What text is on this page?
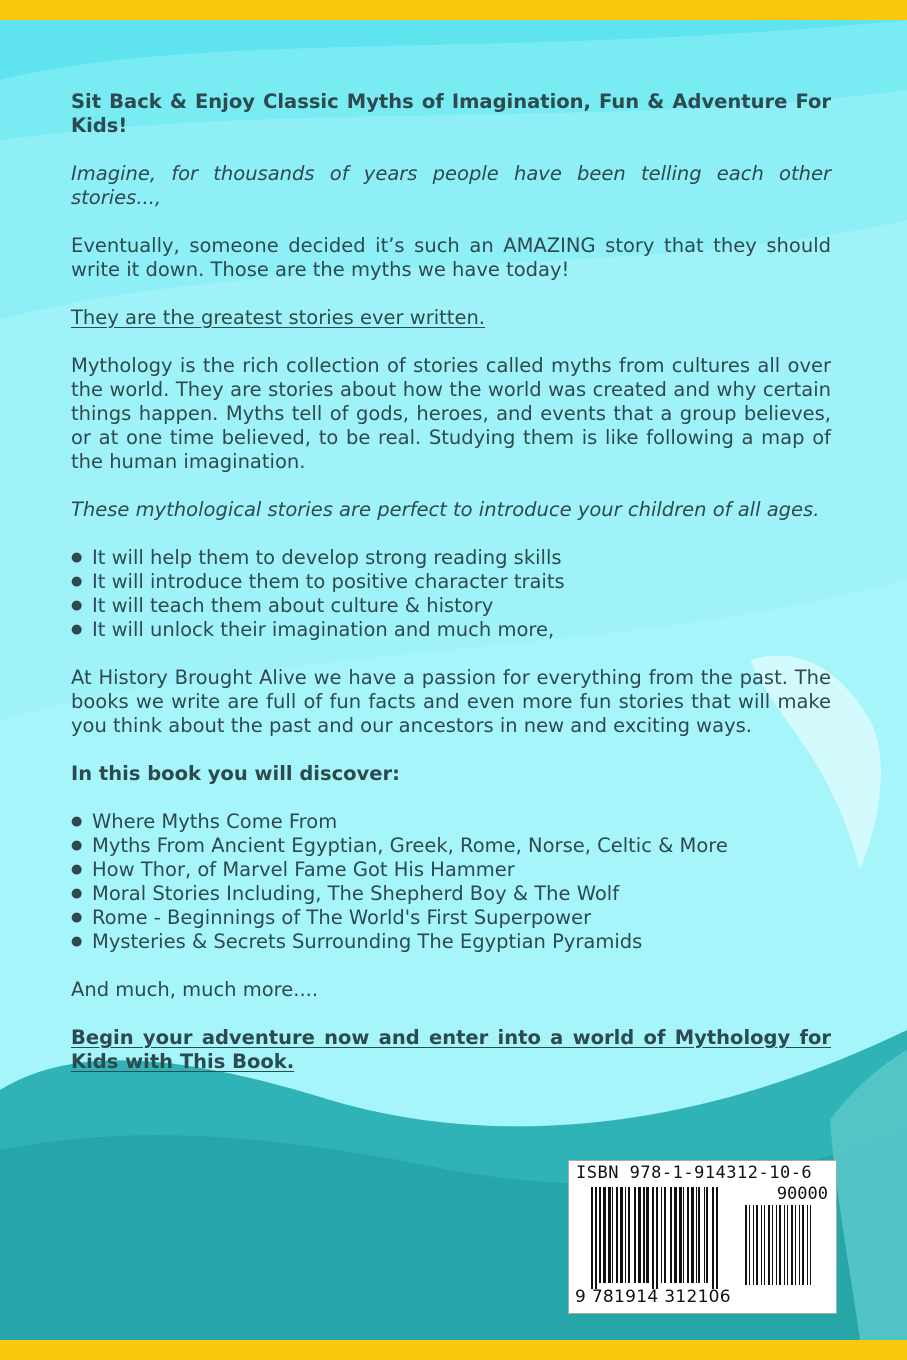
Sit Back & Enjoy Classic Myths of Imagination, Fun & Adventure For Kids!

Imagine, for thousands of years people have been telling each other stories...,

Eventually, someone decided it’s such an AMAZING story that they should write it down. Those are the myths we have today!

They are the greatest stories ever written.

Mythology is the rich collection of stories called myths from cultures all over the world. They are stories about how the world was created and why certain things happen. Myths tell of gods, heroes, and events that a group believes, or at one time believed, to be real. Studying them is like following a map of the human imagination.

These mythological stories are perfect to introduce your children of all ages.

● It will help them to develop strong reading skills
● It will introduce them to positive character traits
● It will teach them about culture & history
● It will unlock their imagination and much more,

At History Brought Alive we have a passion for everything from the past. The books we write are full of fun facts and even more fun stories that will make you think about the past and our ancestors in new and exciting ways.

In this book you will discover:

● Where Myths Come From
● Myths From Ancient Egyptian, Greek, Rome, Norse, Celtic & More
● How Thor, of Marvel Fame Got His Hammer
● Moral Stories Including, The Shepherd Boy & The Wolf
● Rome - Beginnings of The World's First Superpower
● Mysteries & Secrets Surrounding The Egyptian Pyramids

And much, much more....

Begin your adventure now and enter into a world of Mythology for Kids with This Book.

ISBN 978-1-914312-10-6
90000
9 781914 312106
